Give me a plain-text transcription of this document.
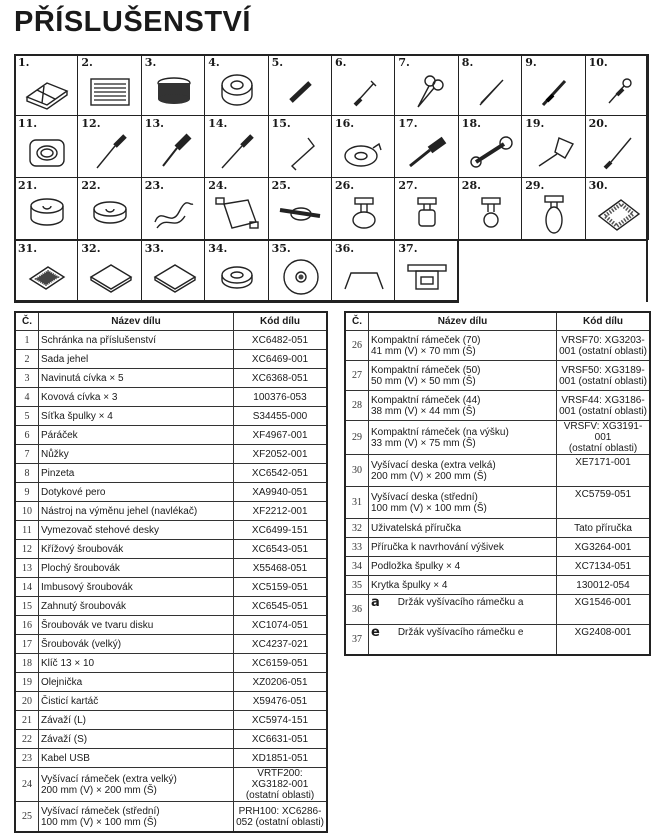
PŘÍSLUŠENSTVÍ
1.	2.	3.	4.	5.	6.	7.	8.	9.	10.
11.	12.	13.	14.	15.	16.	17.	18.	19.	20.
21.	22.	23.	24.	25.	26.	27.	28.	29.	30.
31.	32.	33.	34.	35.	36.	37.
Č.	Název dílu	Kód dílu
1	Schránka na příslušenství	XC6482-051
2	Sada jehel	XC6469-001
3	Navinutá cívka × 5	XC6368-051
4	Kovová cívka × 3	100376-053
5	Síťka špulky × 4	S34455-000
6	Páráček	XF4967-001
7	Nůžky	XF2052-001
8	Pinzeta	XC6542-051
9	Dotykové pero	XA9940-051
10	Nástroj na výměnu jehel (navlékač)	XF2212-001
11	Vymezovač stehové desky	XC6499-151
12	Křížový šroubovák	XC6543-051
13	Plochý šroubovák	X55468-051
14	Imbusový šroubovák	XC5159-051
15	Zahnutý šroubovák	XC6545-051
16	Šroubovák ve tvaru disku	XC1074-051
17	Šroubovák (velký)	XC4237-021
18	Klíč 13 × 10	XC6159-051
19	Olejnička	XZ0206-051
20	Čisticí kartáč	X59476-051
21	Závaží (L)	XC5974-151
22	Závaží (S)	XC6631-051
23	Kabel USB	XD1851-051
24	Vyšívací rámeček (extra velký)
200 mm (V) × 200 mm (Š)	VRTF200: XG3182-001
(ostatní oblasti)
25	Vyšívací rámeček (střední)
100 mm (V) × 100 mm (Š)	PRH100: XC6286-
052 (ostatní oblasti)
Č.	Název dílu	Kód dílu
26	Kompaktní rámeček (70)
41 mm (V) × 70 mm (Š)	VRSF70: XG3203-
001 (ostatní oblasti)
27	Kompaktní rámeček (50)
50 mm (V) × 50 mm (Š)	VRSF50: XG3189-
001 (ostatní oblasti)
28	Kompaktní rámeček (44)
38 mm (V) × 44 mm (Š)	VRSF44: XG3186-
001 (ostatní oblasti)
29	Kompaktní rámeček (na výšku)
33 mm (V) × 75 mm (Š)	VRSFV: XG3191-001
(ostatní oblasti)
30	Vyšívací deska (extra velká)
200 mm (V) × 200 mm (Š)	XE7171-001
31	Vyšívací deska (střední)
100 mm (V) × 100 mm (Š)	XC5759-051
32	Uživatelská příručka	Tato příručka
33	Příručka k navrhování výšivek	XG3264-001
34	Podložka špulky × 4	XC7134-051
35	Krytka špulky × 4	130012-054
36	a Držák vyšívacího rámečku a	XG1546-001
37	e Držák vyšívacího rámečku e	XG2408-001
